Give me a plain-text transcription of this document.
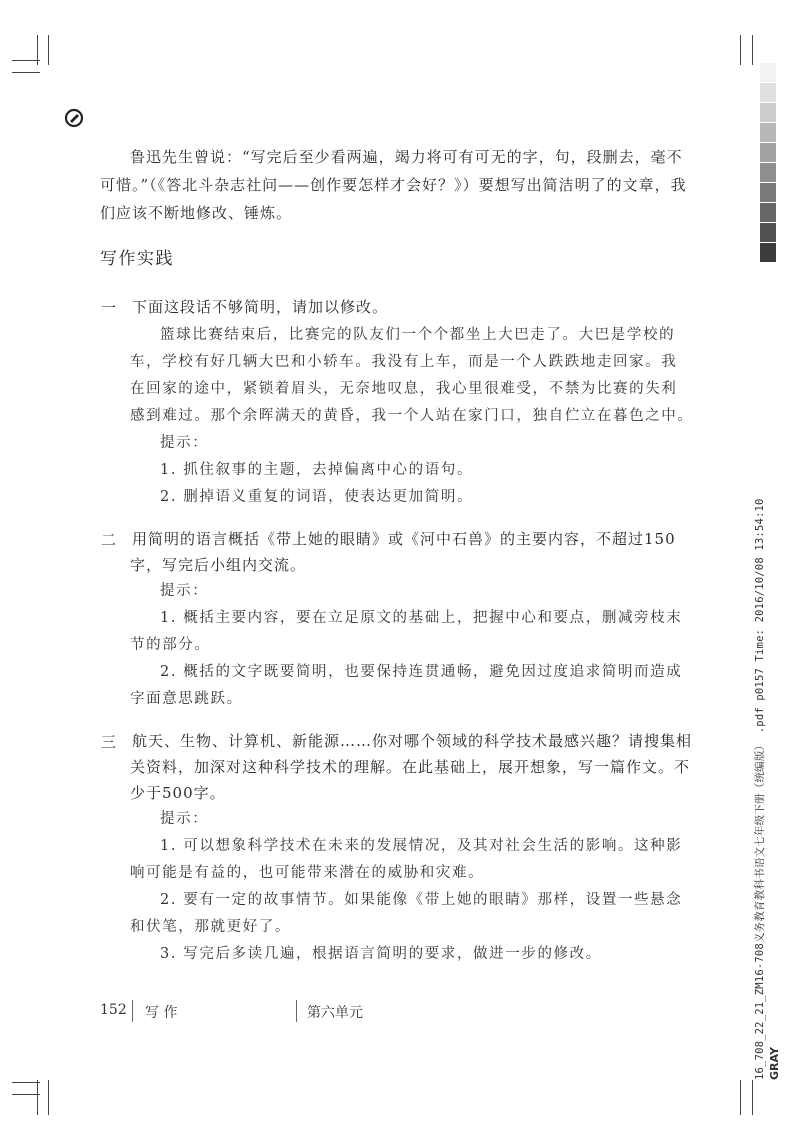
鲁迅先生曾说：“写完后至少看两遍，竭力将可有可无的字，句，段删去，毫不
可惜。”（《答北斗杂志社问——创作要怎样才会好？》）要想写出简洁明了的文章，我
们应该不断地修改、锤炼。
写作实践
一 下面这段话不够简明，请加以修改。
篮球比赛结束后，比赛完的队友们一个个都坐上大巴走了。大巴是学校的
车，学校有好几辆大巴和小轿车。我没有上车，而是一个人跌跌地走回家。我
在回家的途中，紧锁着眉头，无奈地叹息，我心里很难受，不禁为比赛的失利
感到难过。那个余晖满天的黄昏，我一个人站在家门口，独自伫立在暮色之中。
提示：
1. 抓住叙事的主题，去掉偏离中心的语句。
2. 删掉语义重复的词语，使表达更加简明。
二 用简明的语言概括《带上她的眼睛》或《河中石兽》的主要内容，不超过150
字，写完后小组内交流。
提示：
1. 概括主要内容，要在立足原文的基础上，把握中心和要点，删减旁枝末
节的部分。
2. 概括的文字既要简明，也要保持连贯通畅，避免因过度追求简明而造成
字面意思跳跃。
三 航天、生物、计算机、新能源……你对哪个领域的科学技术最感兴趣？请搜集相
关资料，加深对这种科学技术的理解。在此基础上，展开想象，写一篇作文。不
少于500字。
提示：
1. 可以想象科学技术在未来的发展情况，及其对社会生活的影响。这种影
响可能是有益的，也可能带来潜在的威胁和灾难。
2. 要有一定的故事情节。如果能像《带上她的眼睛》那样，设置一些悬念
和伏笔，那就更好了。
3. 写完后多读几遍，根据语言简明的要求，做进一步的修改。
152 写 作	第六单元	16_708_22_21_ZM16-708义务教育教科书语文七年级下册（统编版） .pdf p0157 Time: 2016/10/08 13:54:10 GRAY
